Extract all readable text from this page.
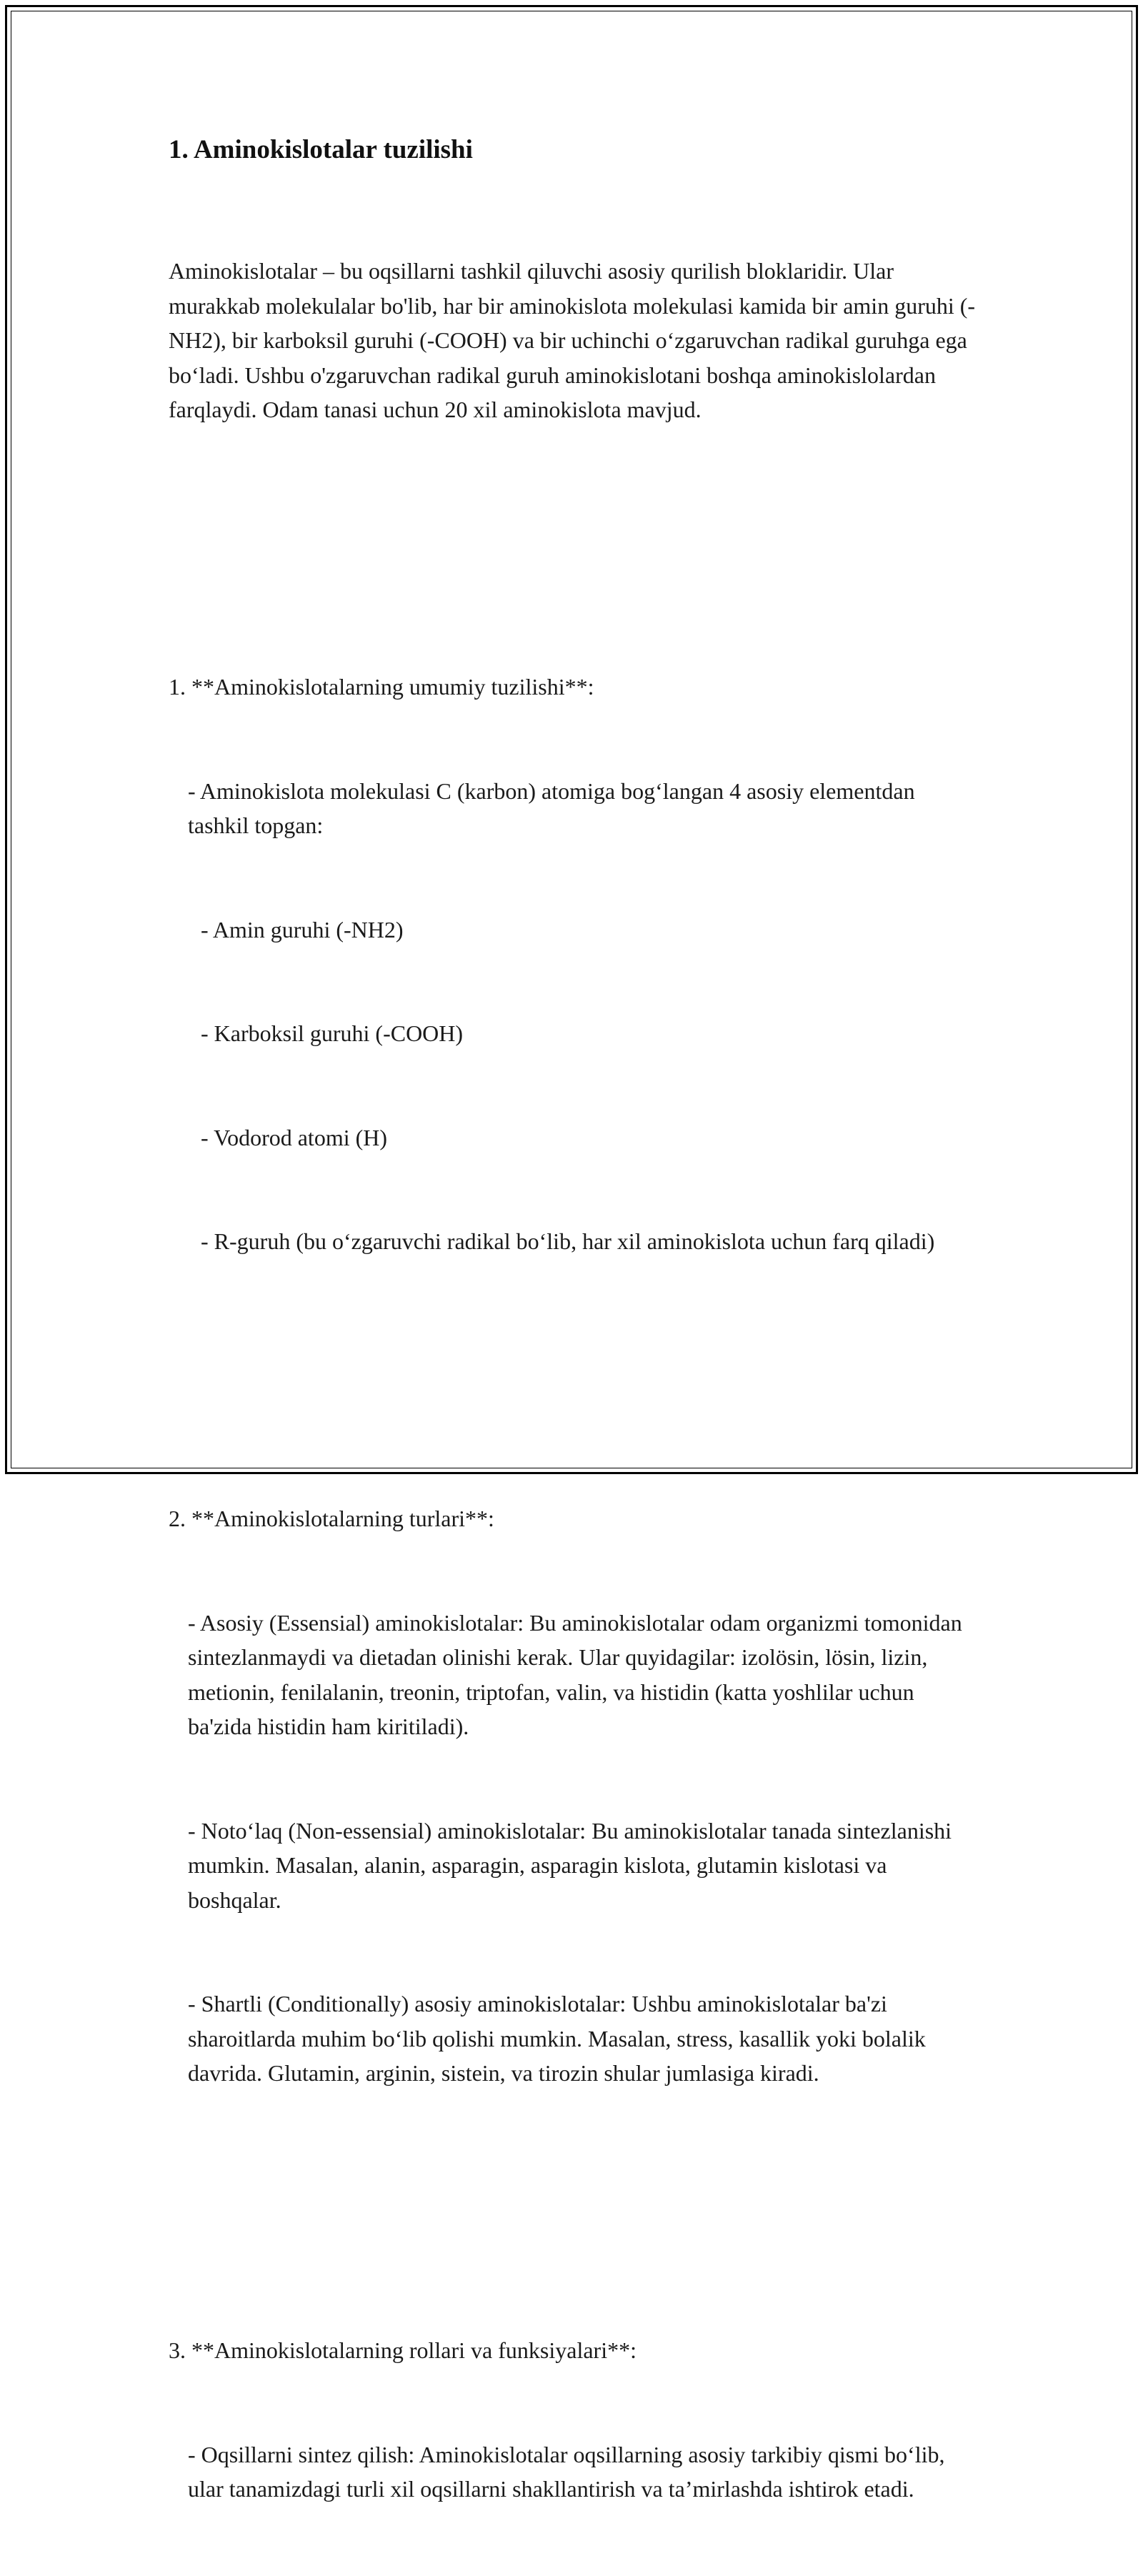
1. Aminokislotalar tuzilishi

Aminokislotalar – bu oqsillarni tashkil qiluvchi asosiy qurilish bloklaridir. Ular murakkab molekulalar bo'lib, har bir aminokislota molekulasi kamida bir amin guruhi (-NH2), bir karboksil guruhi (-COOH) va bir uchinchi o‘zgaruvchan radikal guruhga ega bo‘ladi. Ushbu o'zgaruvchan radikal guruh aminokislotani boshqa aminokislolardan farqlaydi. Odam tanasi uchun 20 xil aminokislota mavjud.

1. **Aminokislotalarning umumiy tuzilishi**:

- Aminokislota molekulasi C (karbon) atomiga bog‘langan 4 asosiy elementdan tashkil topgan:

- Amin guruhi (-NH2)

- Karboksil guruhi (-COOH)

- Vodorod atomi (H)

- R-guruh (bu o‘zgaruvchi radikal bo‘lib, har xil aminokislota uchun farq qiladi)

2. **Aminokislotalarning turlari**:

- Asosiy (Essensial) aminokislotalar: Bu aminokislotalar odam organizmi tomonidan sintezlanmaydi va dietadan olinishi kerak. Ular quyidagilar: izolösin, lösin, lizin, metionin, fenilalanin, treonin, triptofan, valin, va histidin (katta yoshlilar uchun ba'zida histidin ham kiritiladi).

- Noto‘laq (Non-essensial) aminokislotalar: Bu aminokislotalar tanada sintezlanishi mumkin. Masalan, alanin, asparagin, asparagin kislota, glutamin kislotasi va boshqalar.

- Shartli (Conditionally) asosiy aminokislotalar: Ushbu aminokislotalar ba'zi sharoitlarda muhim bo‘lib qolishi mumkin. Masalan, stress, kasallik yoki bolalik davrida. Glutamin, arginin, sistein, va tirozin shular jumlasiga kiradi.

3. **Aminokislotalarning rollari va funksiyalari**:

- Oqsillarni sintez qilish: Aminokislotalar oqsillarning asosiy tarkibiy qismi bo‘lib, ular tanamizdagi turli xil oqsillarni shakllantirish va ta’mirlashda ishtirok etadi.
